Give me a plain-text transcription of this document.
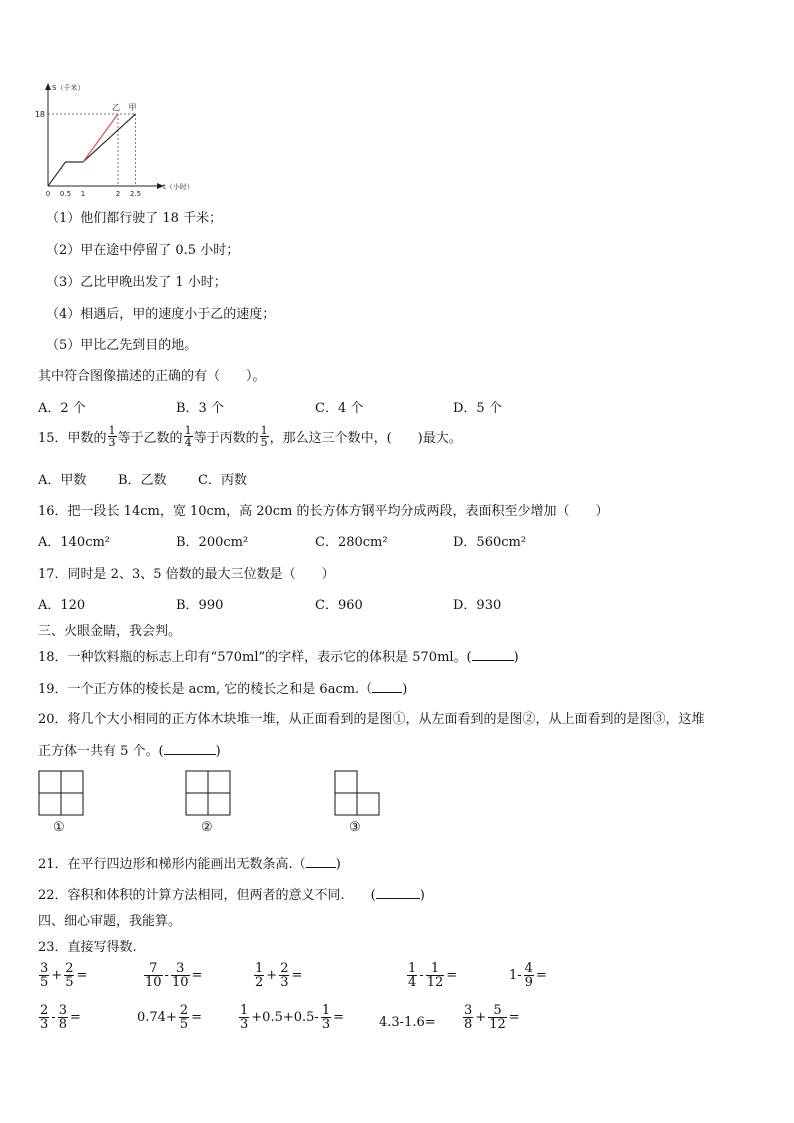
S（千米）
t（小时）
18
0 0.5 1	2 2.5
乙 甲
（1）他们都行驶了 18 千米；
（2）甲在途中停留了 0.5 小时；
（3）乙比甲晚出发了 1 小时；
（4）相遇后，甲的速度小于乙的速度；
（5）甲比乙先到目的地。
其中符合图像描述的正确的有（　　）。
A．2 个	B．3 个	C．4 个	D．5 个
15．甲数的 $\frac{1}{3}$ 等于乙数的 $\frac{1}{4}$ 等于丙数的 $\frac{1}{5}$ ，那么这三个数中，(　　)最大。
A．甲数 B．乙数 C．丙数
16．把一段长 14cm，宽 10cm，高 20cm 的长方体方钢平均分成两段，表面积至少增加（　　）
A．140cm²	B．200cm²	C．280cm²	D．560cm²
17．同时是 2、3、5 倍数的最大三位数是（　　）
A．120	B．990	C．960	D．930
三、火眼金睛，我会判。
18．一种饮料瓶的标志上印有“570ml”的字样，表示它的体积是 570ml。(	)
19．一个正方体的棱长是 acm, 它的棱长之和是 6acm.（ )
20．将几个大小相同的正方体木块堆一堆，从正面看到的是图①，从左面看到的是图②，从上面看到的是图③，这堆
正方体一共有 5 个。(	)
①	②	③
21．在平行四边形和梯形内能画出无数条高.（ )
22．容积和体积的计算方法相同，但两者的意义不同.　　(	)
四、细心审题，我能算。
23．直接写得数.
$\frac{3}{5} + \frac{2}{5}$ =	$\frac{7}{10} - \frac{3}{10}$ =	$\frac{1}{2} + \frac{2}{3}$ =	$\frac{1}{4} - \frac{1}{12}$ =	$1- \frac{4}{9}$ =
$\frac{2}{3} - \frac{3}{8}$ =	$0.74+ \frac{2}{5}$ =	$\frac{1}{3} +0.5+0.5- \frac{1}{3}$ =	$4.3-1.6= \frac{3}{8} + \frac{5}{12}$ =
